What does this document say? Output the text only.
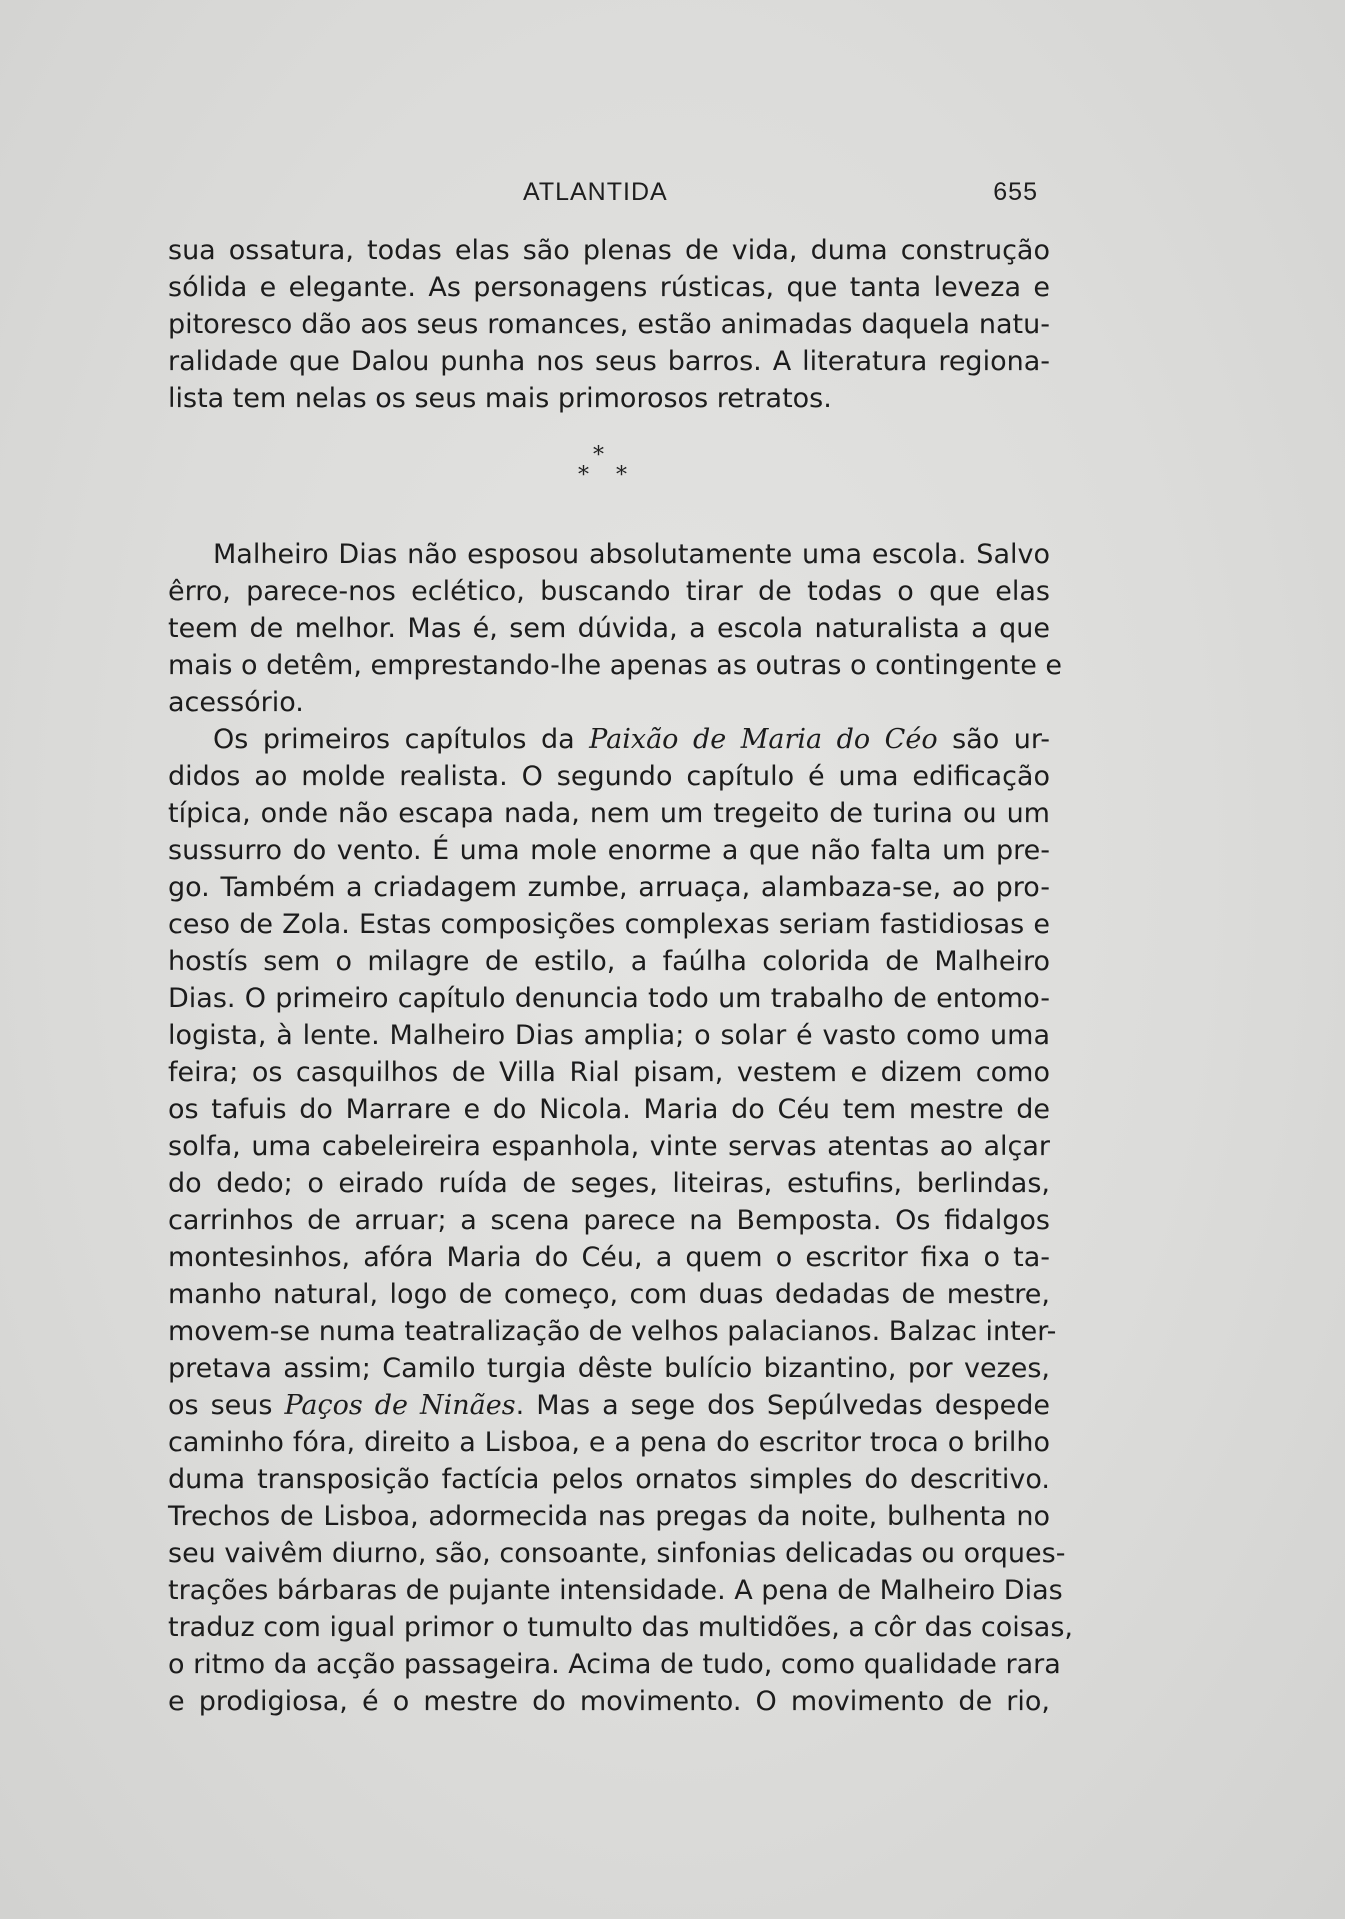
ATLANTIDA	655
sua ossatura, todas elas são plenas de vida, duma construção
sólida e elegante. As personagens rústicas, que tanta leveza e
pitoresco dão aos seus romances, estão animadas daquela natu-
ralidade que Dalou punha nos seus barros. A literatura regiona-
lista tem nelas os seus mais primorosos retratos.
*
* *
Malheiro Dias não esposou absolutamente uma escola. Salvo
êrro, parece-nos eclético, buscando tirar de todas o que elas
teem de melhor. Mas é, sem dúvida, a escola naturalista a que
mais o detêm, emprestando-lhe apenas as outras o contingente e
acessório.
Os primeiros capítulos da Paixão de Maria do Céo são ur-
didos ao molde realista. O segundo capítulo é uma edificação
típica, onde não escapa nada, nem um tregeito de turina ou um
sussurro do vento. É uma mole enorme a que não falta um pre-
go. Também a criadagem zumbe, arruaça, alambaza-se, ao pro-
ceso de Zola. Estas composições complexas seriam fastidiosas e
hostís sem o milagre de estilo, a faúlha colorida de Malheiro
Dias. O primeiro capítulo denuncia todo um trabalho de entomo-
logista, à lente. Malheiro Dias amplia; o solar é vasto como uma
feira; os casquilhos de Villa Rial pisam, vestem e dizem como
os tafuis do Marrare e do Nicola. Maria do Céu tem mestre de
solfa, uma cabeleireira espanhola, vinte servas atentas ao alçar
do dedo; o eirado ruída de seges, liteiras, estufins, berlindas,
carrinhos de arruar; a scena parece na Bemposta. Os fidalgos
montesinhos, afóra Maria do Céu, a quem o escritor fixa o ta-
manho natural, logo de começo, com duas dedadas de mestre,
movem-se numa teatralização de velhos palacianos. Balzac inter-
pretava assim; Camilo turgia dêste bulício bizantino, por vezes,
os seus Paços de Ninães. Mas a sege dos Sepúlvedas despede
caminho fóra, direito a Lisboa, e a pena do escritor troca o brilho
duma transposição factícia pelos ornatos simples do descritivo.
Trechos de Lisboa, adormecida nas pregas da noite, bulhenta no
seu vaivêm diurno, são, consoante, sinfonias delicadas ou orques-
trações bárbaras de pujante intensidade. A pena de Malheiro Dias
traduz com igual primor o tumulto das multidões, a côr das coisas,
o ritmo da acção passageira. Acima de tudo, como qualidade rara
e prodigiosa, é o mestre do movimento. O movimento de rio,
